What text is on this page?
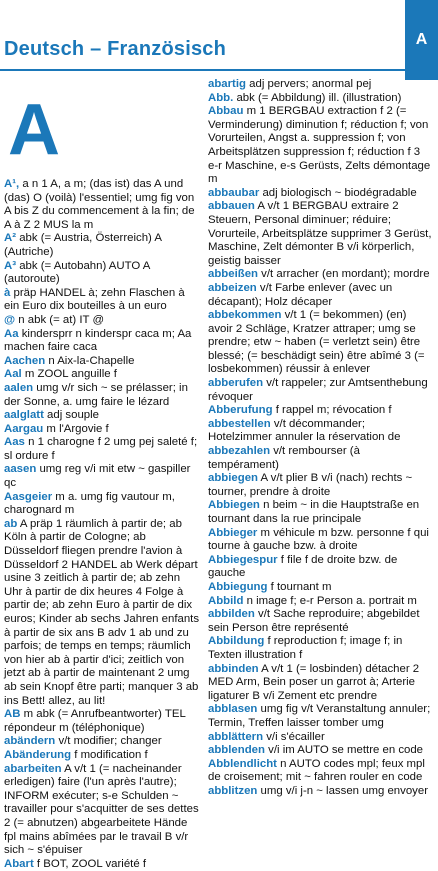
Deutsch – Französisch	A
A

A¹, a n 1 A, a m; (das ist) das A und (das) O (voilà) l'essentiel; umg fig von A bis Z du commencement à la fin; de A à Z 2 MUS la m

A² abk (= Austria, Österreich) A (Autriche)

A³ abk (= Autobahn) AUTO A (autoroute)

à präp HANDEL à; zehn Flaschen à ein Euro dix bouteilles à un euro

@ n abk (= at) IT @

Aa kindersprr n kinderspr caca m; Aa machen faire caca

Aachen n Aix-la-Chapelle

Aal m ZOOL anguille f

aalen umg v/r sich ~ se prélasser; in der Sonne, a. umg faire le lézard

aalglatt adj souple

Aargau m l'Argovie f

Aas n 1 charogne f 2 umg pej saleté f; sl ordure f

aasen umg reg v/i mit etw ~ gaspiller qc

Aasgeier m a. umg fig vautour m, charognard m

ab A präp 1 räumlich à partir de; ab Köln à partir de Cologne; ab Düsseldorf fliegen prendre l'avion à Düsseldorf 2 HANDEL ab Werk départ usine 3 zeitlich à partir de; ab zehn Uhr à partir de dix heures 4 Folge à partir de; ab zehn Euro à partir de dix euros; Kinder ab sechs Jahren enfants à partir de six ans B adv 1 ab und zu parfois; de temps en temps; räumlich von hier ab à partir d'ici; zeitlich von jetzt ab à partir de maintenant 2 umg ab sein Knopf être parti; manquer 3 ab ins Bett! allez, au lit!

AB m abk (= Anrufbeantworter) TEL répondeur m (téléphonique)

abändern v/t modifier; changer

Abänderung f modification f

abarbeiten A v/t 1 (= nacheinander erledigen) faire (l'un après l'autre); INFORM exécuter; s-e Schulden ~ travailler pour s'acquitter de ses dettes 2 (= abnutzen) abgearbeitete Hände fpl mains abîmées par le travail B v/r sich ~ s'épuiser

Abart f BOT, ZOOL variété f

abartig adj pervers; anormal pej

Abb. abk (= Abbildung) ill. (illustration)

Abbau m 1 BERGBAU extraction f 2 (= Verminderung) diminution f; réduction f; von Vorurteilen, Angst a. suppression f; von Arbeitsplätzen suppression f; réduction f 3 e-r Maschine, e-s Gerüsts, Zelts démontage m

abbaubar adj biologisch ~ biodégradable

abbauen A v/t 1 BERGBAU extraire 2 Steuern, Personal diminuer; réduire; Vorurteile, Arbeitsplätze supprimer 3 Gerüst, Maschine, Zelt démonter B v/i körperlich, geistig baisser

abbeißen v/t arracher (en mordant); mordre

abbeizen v/t Farbe enlever (avec un décapant); Holz décaper

abbekommen v/t 1 (= bekommen) (en) avoir 2 Schläge, Kratzer attraper; umg se prendre; etw ~ haben (= verletzt sein) être blessé; (= beschädigt sein) être abîmé 3 (= losbekommen) réussir à enlever

abberufen v/t rappeler; zur Amtsenthebung révoquer

Abberufung f rappel m; révocation f

abbestellen v/t décommander; Hotelzimmer annuler la réservation de

abbezahlen v/t rembourser (à tempérament)

abbiegen A v/t plier B v/i (nach) rechts ~ tourner, prendre à droite

Abbiegen n beim ~ in die Hauptstraße en tournant dans la rue principale

Abbieger m véhicule m bzw. personne f qui tourne à gauche bzw. à droite

Abbiegespur f file f de droite bzw. de gauche

Abbiegung f tournant m

Abbild n image f; e-r Person a. portrait m

abbilden v/t Sache reproduire; abgebildet sein Person être représenté

Abbildung f reproduction f; image f; in Texten illustration f

abbinden A v/t 1 (= losbinden) détacher 2 MED Arm, Bein poser un garrot à; Arterie ligaturer B v/i Zement etc prendre

abblasen umg fig v/t Veranstaltung annuler; Termin, Treffen laisser tomber umg

abblättern v/i s'écailler

abblenden v/i im AUTO se mettre en code

Abblendlicht n AUTO codes mpl; feux mpl de croisement; mit ~ fahren rouler en code

abblitzen umg v/i j-n ~ lassen umg envoyer
